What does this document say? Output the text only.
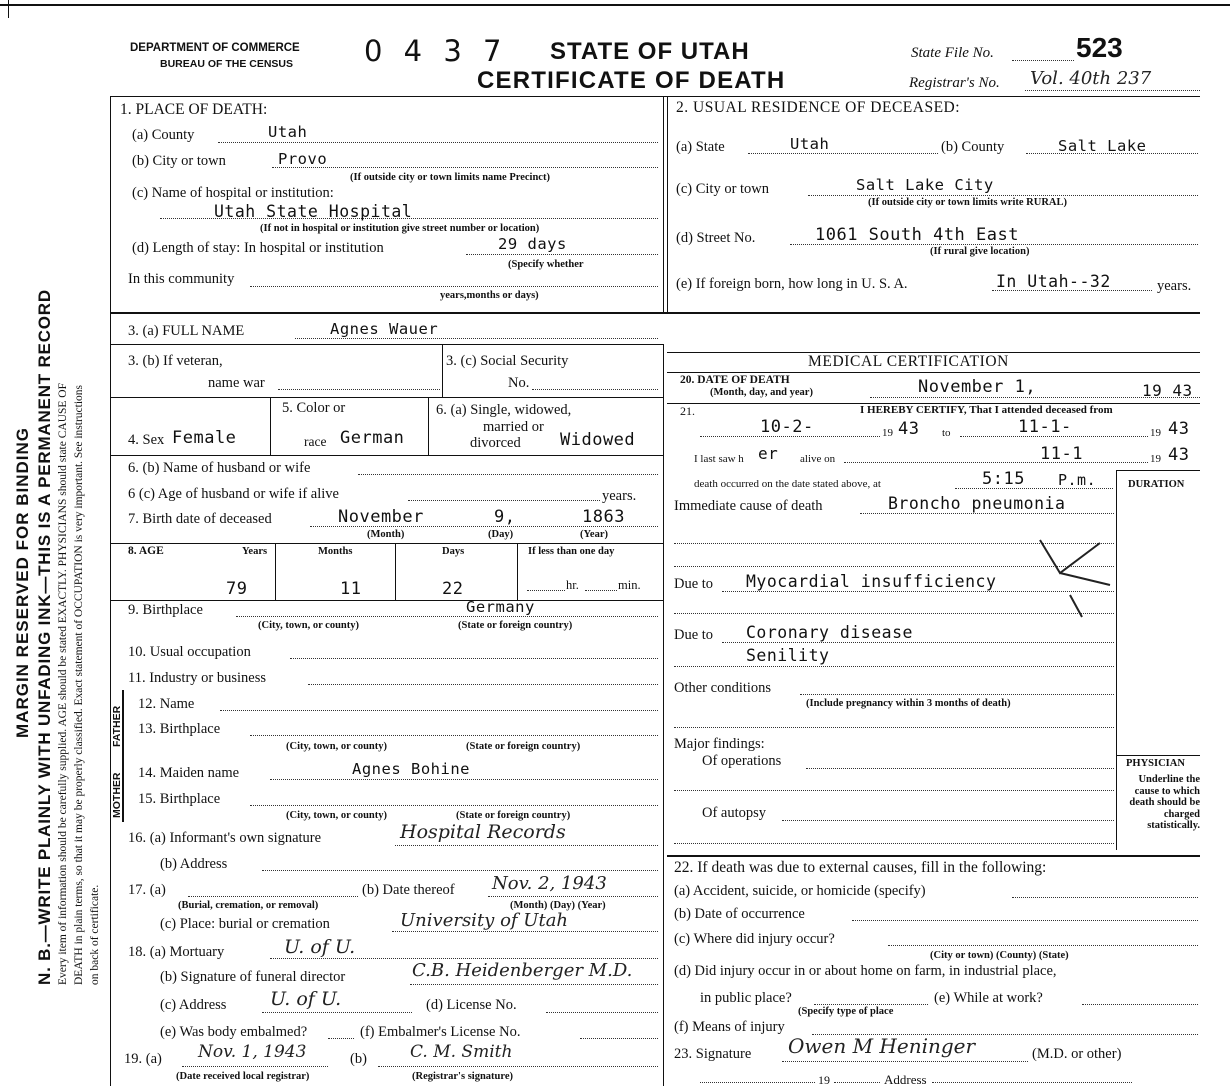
MARGIN RESERVED FOR BINDING N. B.—WRITE PLAINLY WITH UNFADING INK—THIS IS A PERMANENT RECORD Every item of information should be carefully supplied. AGE should be stated EXACTLY. PHYSICIANS should state CAUSE OF DEATH in plain terms, so that it may be properly classified. Exact statement of OCCUPATION is very important. See instructions on back of certificate.
DEPARTMENT OF COMMERCE
BUREAU OF THE CENSUS 0 4 3 7 STATE OF UTAH
CERTIFICATE OF DEATH
State File No.	523
Registrar's No. Vol. 40th 237
1. PLACE OF DEATH:
(a) County	Utah
(b) City or town	Provo
(If outside city or town limits name Precinct)
(c) Name of hospital or institution:
Utah State Hospital
(If not in hospital or institution give street number or location)
(d) Length of stay: In hospital or institution	29 days
(Specify whether
In this community
years,months or days)
2. USUAL RESIDENCE OF DECEASED:
(a) State	Utah	(b) County	Salt Lake
(c) City or town	Salt Lake City
(If outside city or town limits write RURAL)
(d) Street No.	1061 South 4th East
(If rural give location)
(e) If foreign born, how long in U. S. A.	In Utah--32	years.
3. (a) FULL NAME	Agnes Wauer
3. (b) If veteran,
name war
3. (c) Social Security
No.
4. Sex Female
5. Color or
race German
6. (a) Single, widowed,
married or
divorced Widowed
6. (b) Name of husband or wife
6 (c) Age of husband or wife if alive	years.
7. Birth date of deceased	November	9,	1863
(Month)	(Day)	(Year)
8. AGE	Years	Months	Days	If less than one day
79	11	22	hr.	min.
9. Birthplace	Germany
(City, town, or county)	(State or foreign country)
10. Usual occupation
11. Industry or business
FATHER
MOTHER
12. Name
13. Birthplace
(City, town, or county)	(State or foreign country)
14. Maiden name	Agnes Bohine
15. Birthplace
(City, town, or county)	(State or foreign country)
16. (a) Informant's own signature	Hospital Records
(b) Address
17. (a)
(Burial, cremation, or removal)
(b) Date thereof Nov. 2, 1943
(Month) (Day) (Year)
(c) Place: burial or cremation	University of Utah
18. (a) Mortuary	U. of U.
(b) Signature of funeral director	C.B. Heidenberger M.D.
(c) Address U. of U.	(d) License No.
(e) Was body embalmed?	(f) Embalmer's License No.
19. (a) Nov. 1, 1943	(b)	C. M. Smith
(Date received local registrar)	(Registrar's signature)
MEDICAL CERTIFICATION
20. DATE OF DEATH
(Month, day, and year)	November 1,	19 43
21.	I HEREBY CERTIFY, That I attended deceased from
10-2-	19 43 to	11-1-	19 43
I last saw h er alive on	11-1	19 43
death occurred on the date stated above, at	5:15 P.m.	DURATION
Immediate cause of death	Broncho pneumonia
Due to Myocardial insufficiency
Due to Coronary disease
Senility
Other conditions
(Include pregnancy within 3 months of death)
Major findings:
Of operations
Of autopsy
PHYSICIAN
Underline the cause to which death should be charged statistically.
22. If death was due to external causes, fill in the following:
(a) Accident, suicide, or homicide (specify)
(b) Date of occurrence
(c) Where did injury occur?
(City or town) (County) (State)
(d) Did injury occur in or about home on farm, in industrial place,
in public place?	(e) While at work?
(Specify type of place
(f) Means of injury
23. Signature Owen M Heninger	(M.D. or other)
19	Address
